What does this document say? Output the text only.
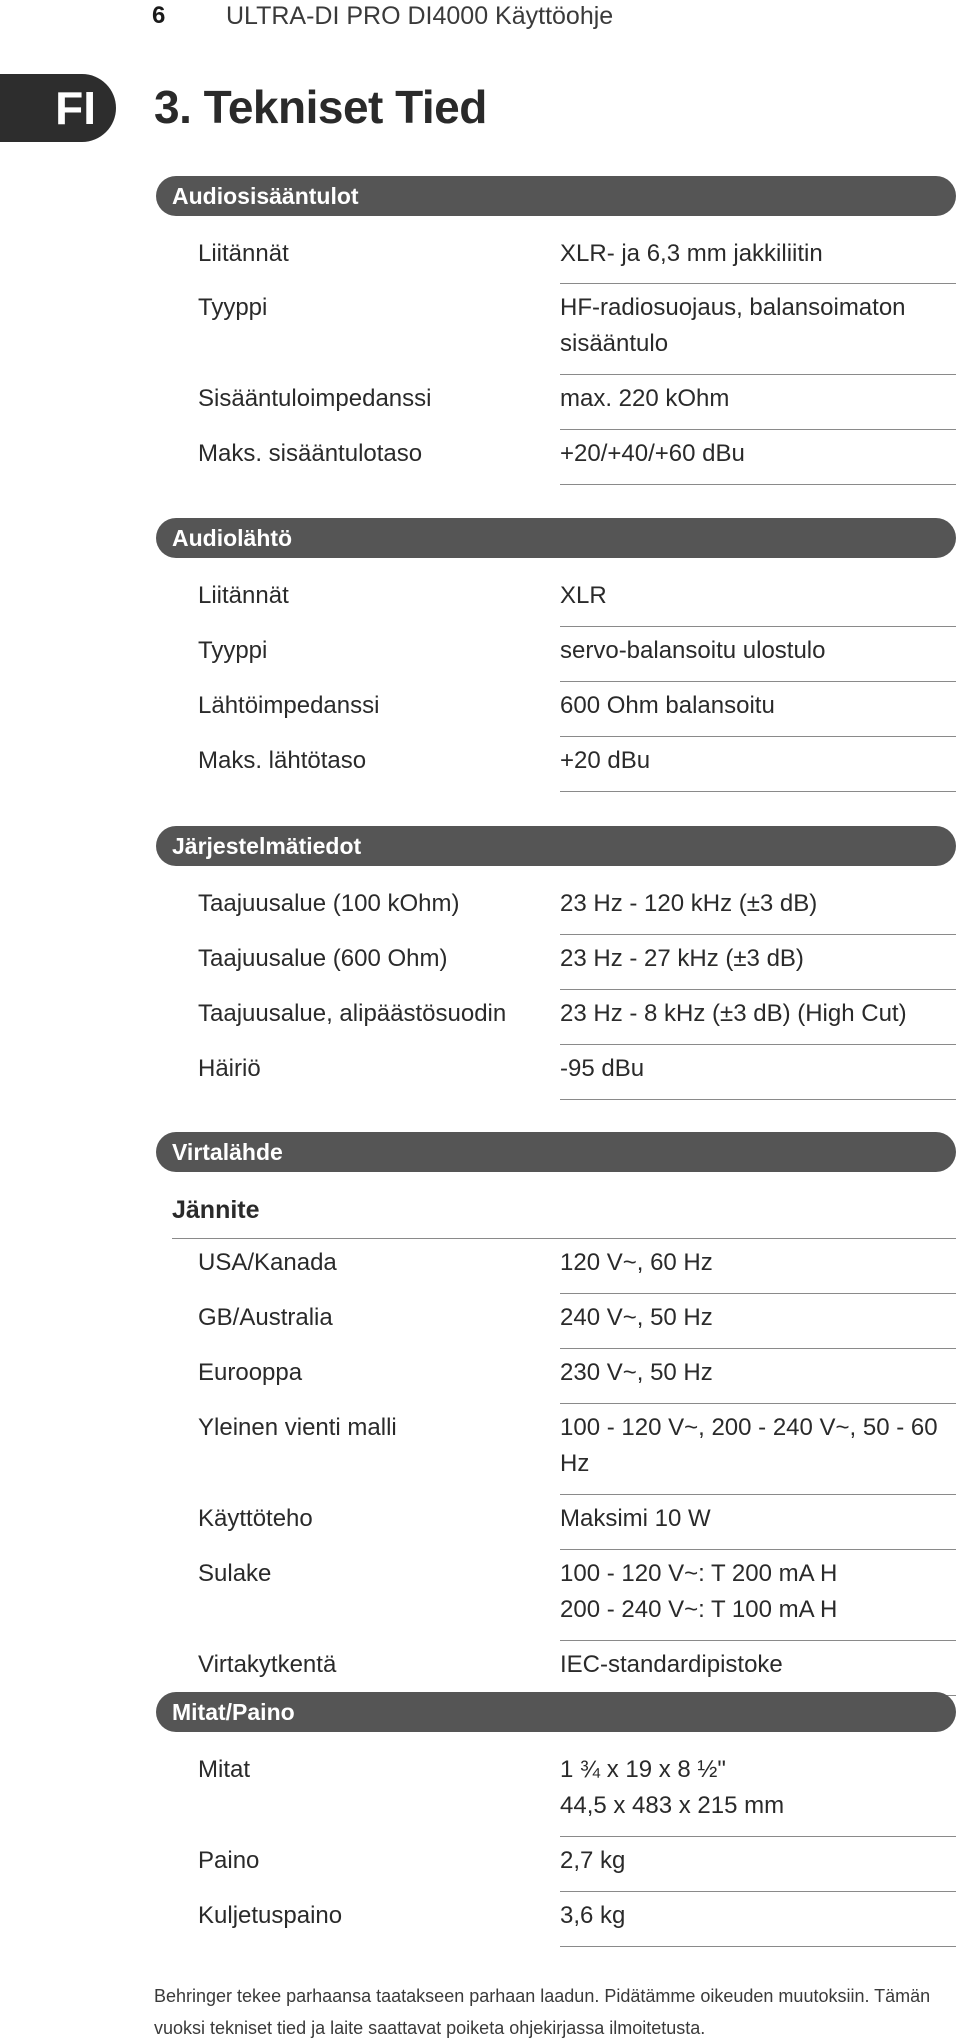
6 ULTRA-DI PRO DI4000 Käyttöohje
FI	3. Tekniset Tied
Audiosisääntulot
Liitännät	XLR- ja 6,3 mm jakkiliitin
Tyyppi	HF-radiosuojaus, balansoimaton
sisääntulo
Sisääntuloimpedanssi	max. 220 kOhm
Maks. sisääntulotaso	+20/+40/+60 dBu
Audiolähtö
Liitännät	XLR
Tyyppi	servo-balansoitu ulostulo
Lähtöimpedanssi	600 Ohm balansoitu
Maks. lähtötaso	+20 dBu
Järjestelmätiedot
Taajuusalue (100 kOhm)	23 Hz - 120 kHz (±3 dB)
Taajuusalue (600 Ohm)	23 Hz - 27 kHz (±3 dB)
Taajuusalue, alipäästösuodin	23 Hz - 8 kHz (±3 dB) (High Cut)
Häiriö	-95 dBu
Virtalähde
Jännite
USA/Kanada	120 V~, 60 Hz
GB/Australia	240 V~, 50 Hz
Eurooppa	230 V~, 50 Hz
Yleinen vienti malli	100 - 120 V~, 200 - 240 V~, 50 - 60 Hz
Käyttöteho	Maksimi 10 W
Sulake	100 - 120 V~: T 200 mA H
200 - 240 V~: T 100 mA H
Virtakytkentä	IEC-standardipistoke
Mitat/Paino
Mitat	1 ¾ x 19 x 8 ½"
44,5 x 483 x 215 mm
Paino	2,7 kg
Kuljetuspaino	3,6 kg
Behringer tekee parhaansa taatakseen parhaan laadun. Pidätämme oikeuden muutoksiin. Tämän vuoksi tekniset tied ja laite saattavat poiketa ohjekirjassa ilmoitetusta.
